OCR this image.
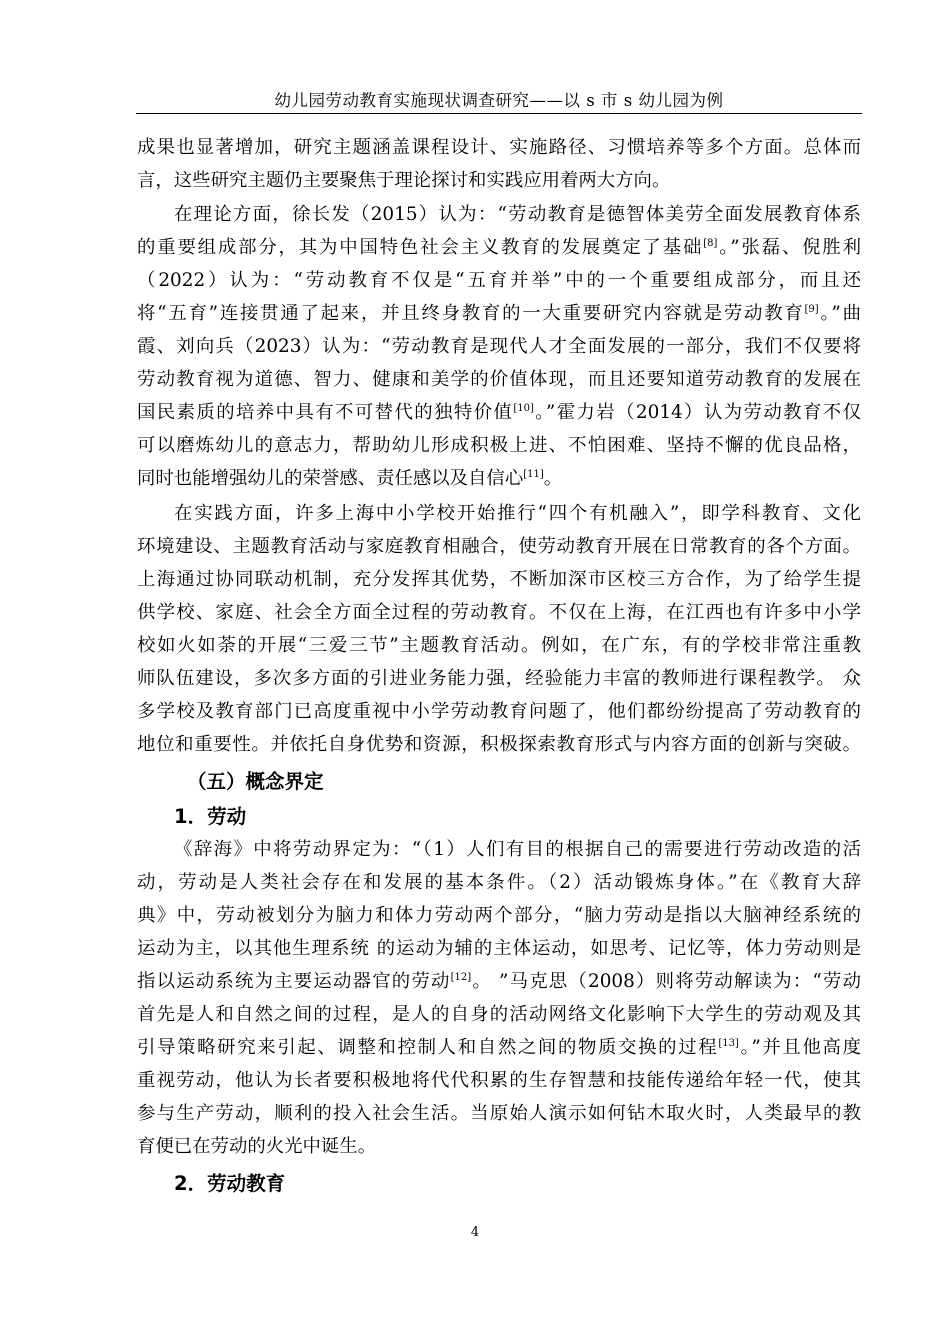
幼儿园劳动教育实施现状调查研究——以 s 市 s 幼儿园为例
成果也显著增加，研究主题涵盖课程设计、实施路径、习惯培养等多个方面。总体而
言，这些研究主题仍主要聚焦于理论探讨和实践应用着两大方向。
在理论方面，徐长发（2015）认为：“劳动教育是德智体美劳全面发展教育体系
的重要组成部分，其为中国特色社会主义教育的发展奠定了基础[8]。”张磊、倪胜利
（2022）认为：“劳动教育不仅是“五育并举”中的一个重要组成部分，而且还
将“五育”连接贯通了起来，并且终身教育的一大重要研究内容就是劳动教育[9]。”曲
霞、刘向兵（2023）认为：“劳动教育是现代人才全面发展的一部分，我们不仅要将
劳动教育视为道德、智力、健康和美学的价值体现，而且还要知道劳动教育的发展在
国民素质的培养中具有不可替代的独特价值[10]。”霍力岩（2014）认为劳动教育不仅
可以磨炼幼儿的意志力，帮助幼儿形成积极上进、不怕困难、坚持不懈的优良品格，
同时也能增强幼儿的荣誉感、责任感以及自信心[11]。
在实践方面，许多上海中小学校开始推行“四个有机融入”，即学科教育、文化
环境建设、主题教育活动与家庭教育相融合，使劳动教育开展在日常教育的各个方面。
上海通过协同联动机制，充分发挥其优势，不断加深市区校三方合作，为了给学生提
供学校、家庭、社会全方面全过程的劳动教育。不仅在上海，在江西也有许多中小学
校如火如荼的开展“三爱三节”主题教育活动。例如，在广东，有的学校非常注重教
师队伍建设，多次多方面的引进业务能力强，经验能力丰富的教师进行课程教学。 众
多学校及教育部门已高度重视中小学劳动教育问题了，他们都纷纷提高了劳动教育的
地位和重要性。并依托自身优势和资源，积极探索教育形式与内容方面的创新与突破。
（五）概念界定
1．劳动
《辞海》中将劳动界定为：“（1）人们有目的根据自己的需要进行劳动改造的活
动，劳动是人类社会存在和发展的基本条件。（2）活动锻炼身体。”在《教育大辞
典》中，劳动被划分为脑力和体力劳动两个部分，“脑力劳动是指以大脑神经系统的
运动为主，以其他生理系统 的运动为辅的主体运动，如思考、记忆等，体力劳动则是
指以运动系统为主要运动器官的劳动[12]。 ”马克思（2008）则将劳动解读为：“劳动
首先是人和自然之间的过程，是人的自身的活动网络文化影响下大学生的劳动观及其
引导策略研究来引起、调整和控制人和自然之间的物质交换的过程[13]。”并且他高度
重视劳动，他认为长者要积极地将代代积累的生存智慧和技能传递给年轻一代，使其
参与生产劳动，顺利的投入社会生活。当原始人演示如何钻木取火时，人类最早的教
育便已在劳动的火光中诞生。
2．劳动教育
4
